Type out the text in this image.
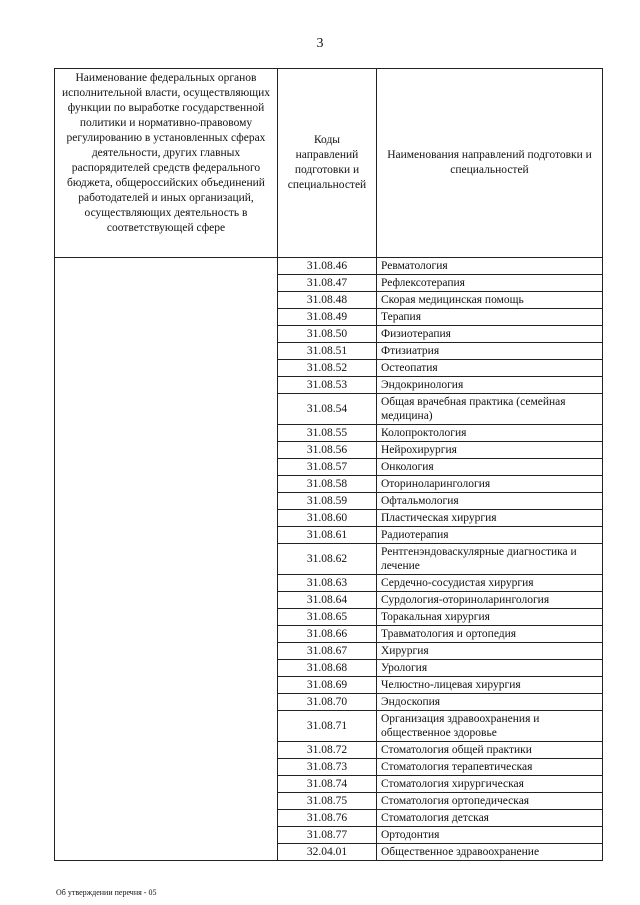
3
Наименование федеральных органов исполнительной власти, осуществляющих функции по выработке государственной политики и нормативно-правовому регулированию в установленных сферах деятельности, других главных распорядителей средств федерального бюджета, общероссийских объединений работодателей и иных организаций, осуществляющих деятельность в соответствующей сфере	Коды направлений подготовки и специальностей	Наименования направлений подготовки и специальностей
	31.08.46	Ревматология
	31.08.47	Рефлексотерапия
	31.08.48	Скорая медицинская помощь
	31.08.49	Терапия
	31.08.50	Физиотерапия
	31.08.51	Фтизиатрия
	31.08.52	Остеопатия
	31.08.53	Эндокринология
	31.08.54	Общая врачебная практика (семейная медицина)
	31.08.55	Колопроктология
	31.08.56	Нейрохирургия
	31.08.57	Онкология
	31.08.58	Оториноларингология
	31.08.59	Офтальмология
	31.08.60	Пластическая хирургия
	31.08.61	Радиотерапия
	31.08.62	Рентгенэндоваскулярные диагностика и лечение
	31.08.63	Сердечно-сосудистая хирургия
	31.08.64	Сурдология-оториноларингология
	31.08.65	Торакальная хирургия
	31.08.66	Травматология и ортопедия
	31.08.67	Хирургия
	31.08.68	Урология
	31.08.69	Челюстно-лицевая хирургия
	31.08.70	Эндоскопия
	31.08.71	Организация здравоохранения и общественное здоровье
	31.08.72	Стоматология общей практики
	31.08.73	Стоматология терапевтическая
	31.08.74	Стоматология хирургическая
	31.08.75	Стоматология ортопедическая
	31.08.76	Стоматология детская
	31.08.77	Ортодонтия
	32.04.01	Общественное здравоохранение
Об утверждении перечня - 05
